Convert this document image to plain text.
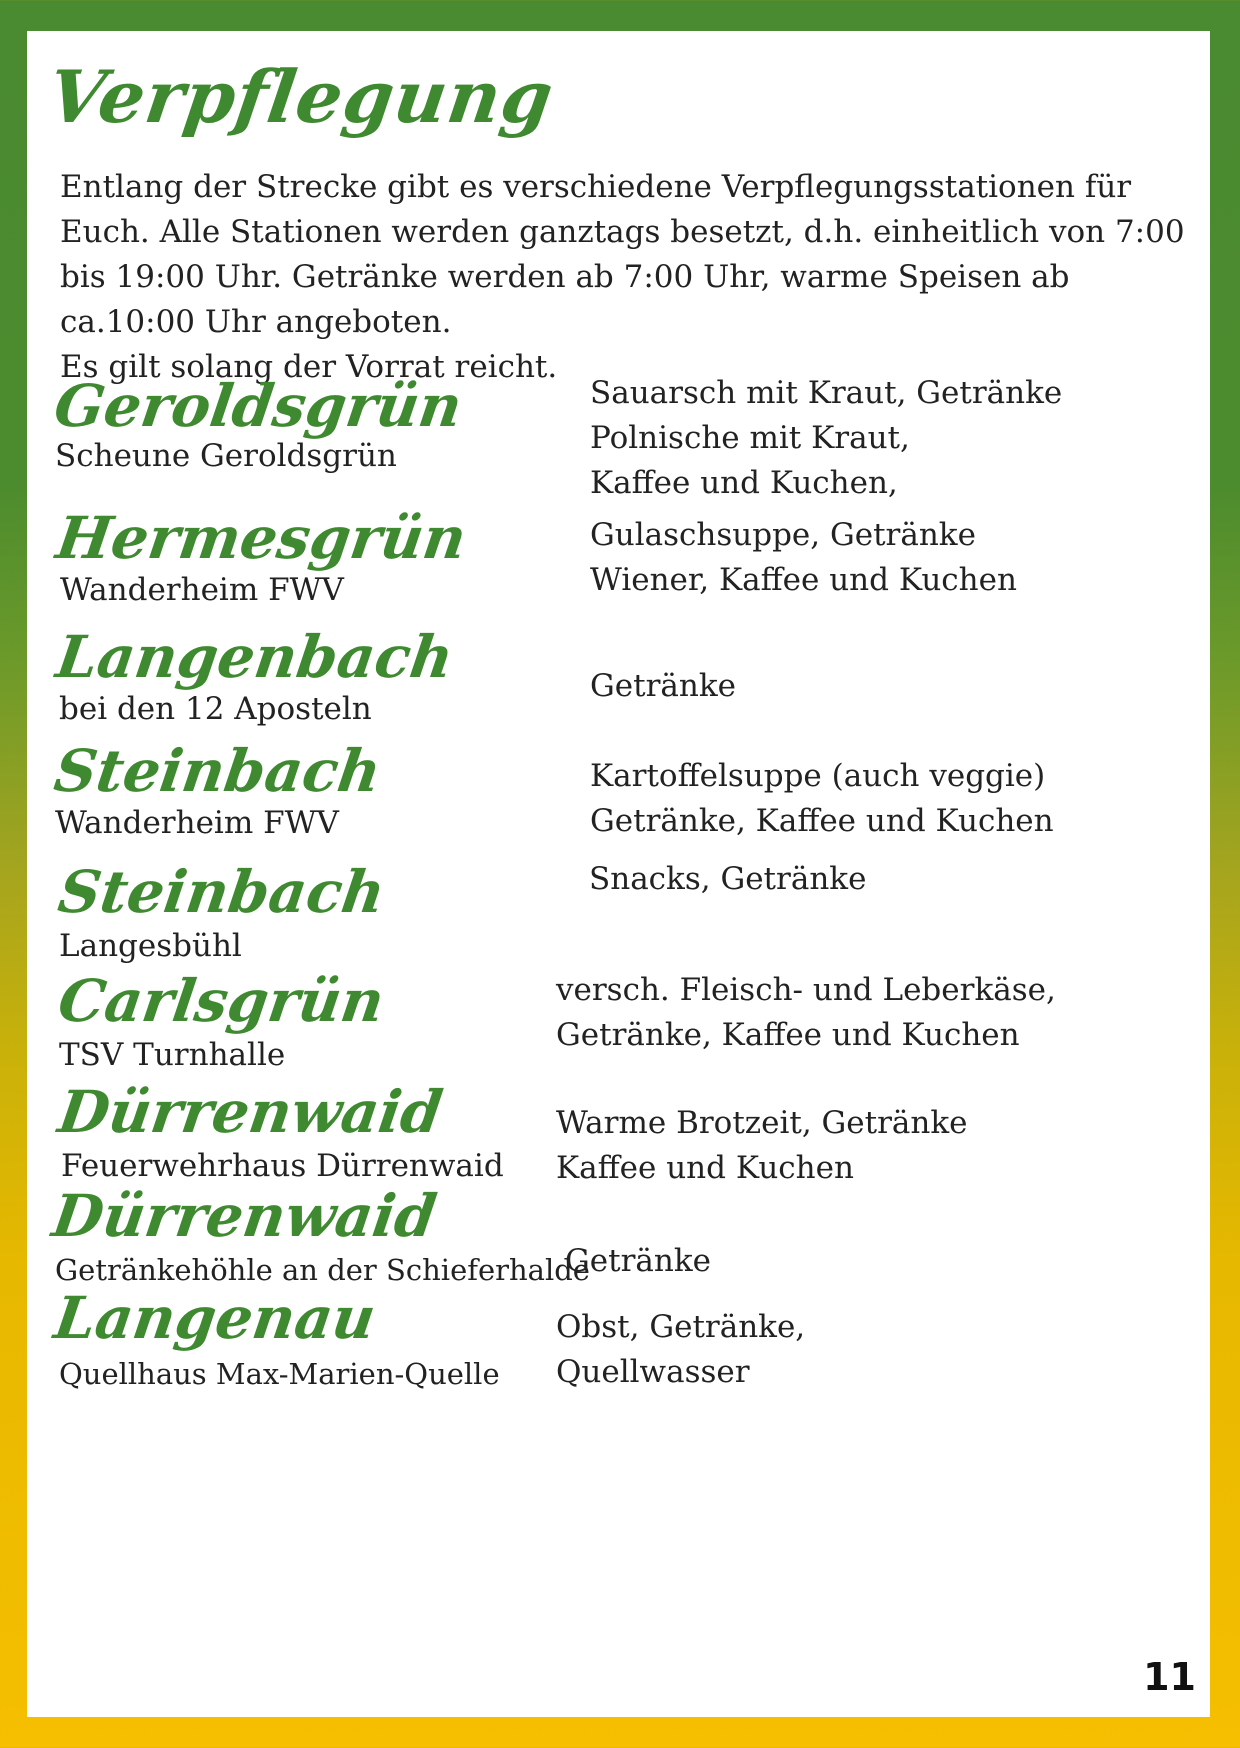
Verpflegung

Entlang der Strecke gibt es verschiedene Verpflegungsstationen für Euch. Alle Stationen werden ganztags besetzt, d.h. einheitlich von 7:00 bis 19:00 Uhr. Getränke werden ab 7:00 Uhr, warme Speisen ab ca.10:00 Uhr angeboten.

Es gilt solang der Vorrat reicht.

Geroldsgrün
Scheune Geroldsgrün
Sauarsch mit Kraut, Getränke
Polnische mit Kraut,
Kaffee und Kuchen,
Hermesgrün
Wanderheim FWV
Gulaschsuppe, Getränke
Wiener, Kaffee und Kuchen
Langenbach
bei den 12 Aposteln
Getränke
Steinbach
Wanderheim FWV
Kartoffelsuppe (auch veggie)
Getränke, Kaffee und Kuchen
Steinbach
Langesbühl
Snacks, Getränke
Carlsgrün
TSV Turnhalle
versch. Fleisch- und Leberkäse,
Getränke, Kaffee und Kuchen
Dürrenwaid
Feuerwehrhaus Dürrenwaid
Warme Brotzeit, Getränke
Kaffee und Kuchen
Dürrenwaid
Getränkehöhle an der Schieferhalde
Getränke
Langenau
Quellhaus Max-Marien-Quelle
Obst, Getränke,
Quellwasser
11
